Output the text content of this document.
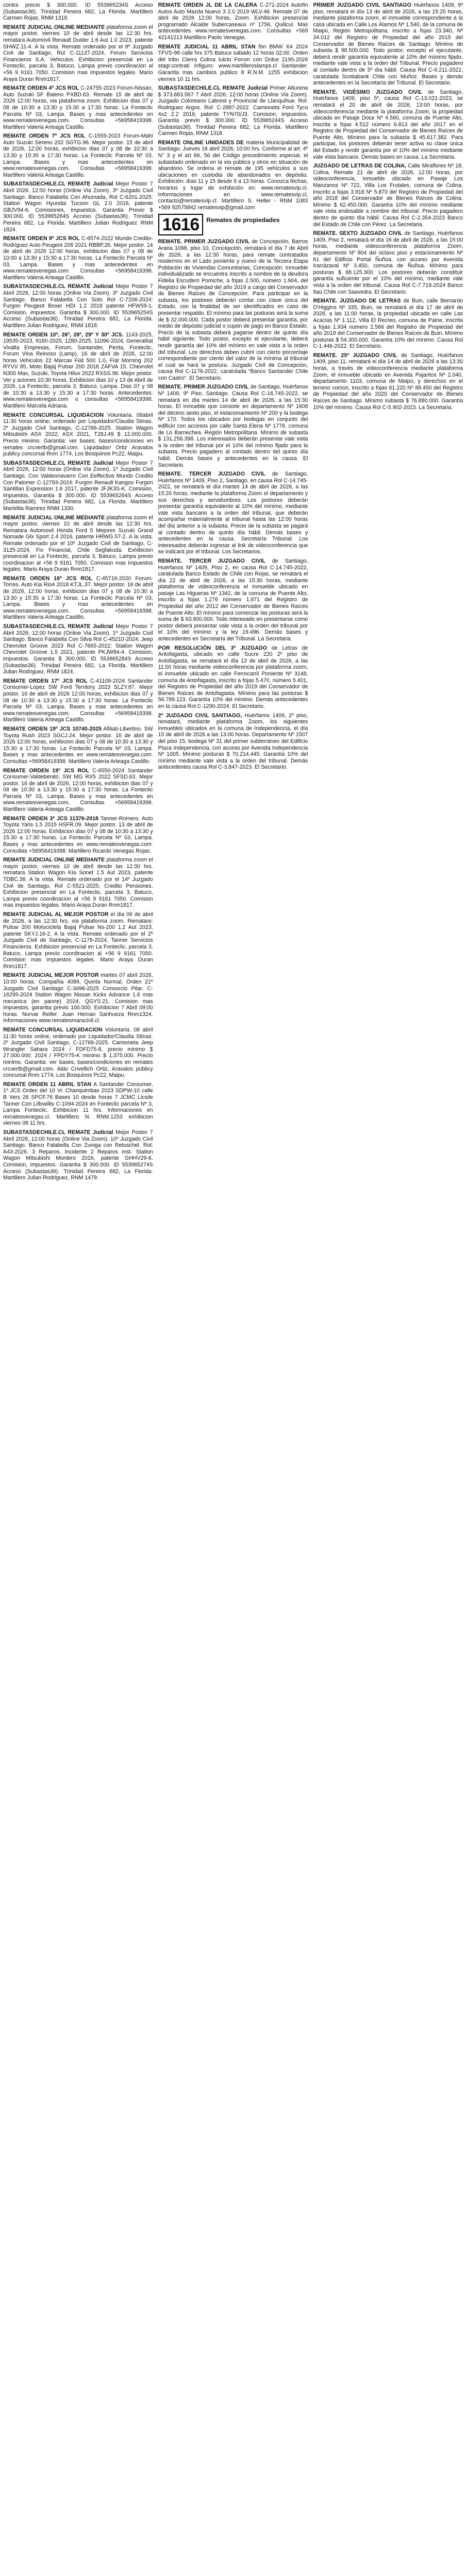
contra precio $ 300.000. ID 553965234S Acceso (Subastas36). Trinidad Pereira 682, La Florida. Martillero Carmen Rojas, RNM 1318.

REMATE JUDICIAL ONLINE MEDIANTE plataforma zoom el mayor postor, viernes 10 de abril desde las 12:30 hrs. rematara Automovil Renault Duster 1.6 Aut 1.0 2023, patente SHWZ.11-4. A la vista. Remate ordenado por el 9º Juzgado Civil de Santiago, Rol C-11137-2024, Forum Servicios Financieros S.A. Vehiculos. Exhibicion presencial en La Fonteclic, parcela 3, Batuco, Lampa previo coordinacion al +56 9 9161 7050. Comision mas impuestos legales. Mario Araya Duran Rnm1817.

REMATE ORDEN 4º JCS ROL C-24755-2023 Forum-Nissan, Auto Suzuki SF Baleno PXBD.63. Remate 15 de abril de 2026 12:00 horas, via plataforma zoom. Exhibicion dias 07 y 08 de 10:30 a 13:30 y 15:30 a 17:30 horas. La Fonteclic Parcela Nº 03, Lampa. Bases y mas antecedentes en www.rematesvenegas.com. Consultas +56958419398. Martillero Valeria Arteaga Castillo.

REMATE ORDEN 7º JCS ROL C-1559-2023 Forum-Mahi Auto Suzuki Sereno 202 SGTG.96. Mejor postor. 15 de abril de 2026, 12:00 horas, exhibicion dias 07 y 08 de 10:30 a 13:30 y 15:30 a 17:30 horas. La Fonteclic Parcela Nº 03, Lampa. Bases y mas antecedentes en www.rematesvenegas.com. Consultas +56958419398. Martillero Valeria Arteaga Castillo.

SUBASTASDECHILE.CL REMATE Judicial Mejor Postor 7 Abril 2026, 12:00 horas (Online Via Zoom). 3º Juzgado Civil Santiago. Banco Falabella Con Ahumada, Rol C-6201-2025: Station Wagon Hyundai Tucson GL 2.0 2016, patente GBJV94-6. Comisiones, impuestos. Garantia Previo $ 300.000. ID 553965264S Acceso (Subastas36). Trinidad Pereira 682, La Florida. Martillero Julian Rodriguez RNM 1824.

REMATE ORDEN 8º JCS ROL C-6574-2022 Mundo Credito-Rodriguez Auto Peugeot 208 2021 RBBP.26. Mejor postor. 14 de abril de 2026 12:00 horas, exhibicion dias 07 y 08 de 10:00 a 13:30 y 15:30 a 17:30 horas. La Fonteclic Parcela Nº 03, Lampa. Bases y mas antecedentes en www.rematesvenegas.com. Consultas +56958419398. Martillero Valeria Arteaga Castillo.

SUBASTASDECHILE.CL REMATE Judicial Mejor Postor 7 Abril 2026, 12:00 horas (Online Via Zoom). 3º Juzgado Civil Santiago. Banco Falabella Con Soto Rol C-7206-2024: Furgon Peugeot Boxer HDI 1.2 2018 patente HFW59-1. Comision, impuestos. Garantia $ 300.000. ID 553965254S Acceso (Subastas36). Trinidad Pereira 682, La Florida. Martillero Julian Rodriguez, RNM 1818.

REMATE ORDEN 10º, 26º, 28º, 29º Y 30º JCS. 1143-2025, 19535-2023, 9160-2025, 1280-2025, 11096-2024, Generalitat Vivalta Empresas, Forum, Santander, Penta, Fonteclic, Forum Vina Reinoso (Lamp), 16 de abril de 2026, 12:00 horas Vehiculos 22 Marcas Fiat 500 1.0, Fiat Morning 202 RYVV 85, Moto Bajaj Pulsar 200 2018 ZAFVA 15. Chevrolet N300 Max, Suzuki, Toyota Hilux 2022 RXSS.96. Mejor postor. Ver y aciones 10:30 horas. Exhibicion dias 10 y 13 de Abril de 2026, La Fonteclic, parcela 3, Batuco, Lampa. Dias 07 y 08 de 10:30 a 13:30 y 15:30 a 17:30 horas. Antecedentes: www.rematesvenegas.com o consultas +56958419398. Martillero Marcela Adriana.

REMATE CONCURSAL LIQUIDACION Voluntaria. 08abril 11:30 horas online, ordenado por Liquidador/Claudia Stinas. 2º Juzgado Civil Santiago, C-12766-2025. Station Wagon Mitsubishi ASX 2022; ASX 2021, T28J.49 $ 12.000.000. Precio minimo. Garantia: ver bases; bases/condiciones en remates crcvertb@gmail.com. Liquidador/ Ortiz Aravalos publicy concursal Rnm 1774, Los Bosquinos Pc22, Maipu.

SUBASTASDECHILE.CL REMATE Judicial Mejor Postor 7 Abril 2026, 12:00 horas (Online Via Zoom). 1º Juzgado Civil Santiago. Con Valdeonavarro Con Eeffectiva Mundo Credito Con Palomer C-12793-2024: Furgon Renault Kangoo Furgon Santillan Expression 1.6 2017, patente JFJK3S-K. Comision, impuestos. Garantia $ 300.000. ID 553965264S Acceso (Subastas36). Trinidad Pereira 682, La Florida. Martillero Marielita Ramirez RNM 1330.

REMATE JUDICIAL ONLINE MEDIANTE plataforma zoom el mayor postor, viernes 10 de abril desde las 12:30 hrs. Rematara Automovil Honda Ford 5 Mejores Suzuki Grand Nomade Glx Sport 2.4 2016, patente HRWG.57-2. A la vista. Remate ordenado por el 10º Juzgado Civil de Santiago, C-3125-2024, Fix Financial, Chile Segfakuda. Exhibicion presencial en La Fonteclic, parcela 3, Batuco, Lampa previo coordinacion al +56 9 9161 7050. Comision mas impuestos legales. Mario Araya Duran Rnm1817.

REMATE ORDEN 16º JCS ROL C-45716-2020 Forum-Torres. Auto Kia Rio4 2018 KTJL.37. Mejor postor. 16 de abril de 2026, 12:00 horas, exhibicion dias 07 y 08 de 10:30 a 13:30 y 15:30 a 17:30 horas. La Fonteclic Parcela Nº 03, Lampa. Bases y mas antecedentes en www.rematesvenegas.com. Consultas +56958419398. Martillero Valeria Arteaga Castillo.

SUBASTASDECHILE.CL REMATE Judicial Mejor Postor 7 Abril 2026, 12:00 horas (Online Via Zoom). 1º Juzgado Civil Santiago. Banco Falabella Con Silva Rol C-45210-2024; Jeep Chevrolet Groove 2023 Rol C-7665-2022: Station Wagon Chevrolet Groove 1.5 2021, patente PKJW84-4. Comision, impuestos. Garantia $ 300.000. ID 553965284S Acceso (Subastas36). Trinidad Pereira 682, La Florida. Martillero Julian Rodriguez, RNM 1824.

REMATE ORDEN 17º JCS ROL C-41109-2024 Santander Consumer-Lopez SW Ford Territory 2023 SLZY.87. Mejor postor. 16 de abril de 2026 12:00 horas, exhibicion dias 07 y 08 de 10:30 a 13:30 y 15:30 a 17:30 horas. La Fonteclic Parcela Nº 03, Lampa. Bases y mas antecedentes en www.rematesvenegas.com. Consultas +56958419398. Martillero Valeria Arteaga Castillo.

REMATE ORDEN 19º JCS 10740-2025 Afiliati-Libertino. SW Toyota Rush 2023 SGCJ.24. Mejor postor. 16 de abril de 2026 12:00 horas, exhibicion dias 07 y 08 de 10:30 a 13:30 y 15:30 a 17:30 horas. La Fonteclic Parcela Nº 03, Lampa. Bases y mas antecedentes en www.rematesvenegas.com. Consultas +56958419398. Martillero Valeria Arteaga Castillo.

REMATE ORDEN 19º JCS ROL C-6550-2024 Santander Consumer-Valdebenito, SW MG RX5 2022 SFSD.63. Mejor postor. 16 de abril de 2026, 12:00 horas, exhibicion dias 07 y 08 de 10:30 a 13:30 y 15:30 a 17:30 horas. La Fonteclic Parcela Nº 03, Lampa. Bases y mas antecedentes en www.rematesvenegas.com. Consultas +56958419398. Martillero Valeria Arteaga Castillo.

REMATE ORDEN 3º JCS 11376-2018 Tanner-Romero. Auto Toyota Yaris 1.5 2015 HSFR.09. Mejor postor. 13 de abril de 2026 12:00 horas. Exhibicion dias 07 y 08 de 10:30 a 13:30 y 15:30 a 17:30 horas. La Fonteclic Parcela Nº 03, Lampa. Bases y mas antecedentes en www.rematesvenegas.com. Consultas +56958419398. Martillero Ricardo Venegas Rojas.

REMATE JUDICIAL ONLINE MEDIANTE plataforma zoom el mayor postor, viernes 10 de abril desde las 12:30 hrs. rematara Station Wagon Kia Sonet 1.5 Aut 2023, patente TDBC.36. A la vista. Remate ordenado por el 14º Juzgado Civil de Santiago, Rol C-5521-2025, Credito Pensiones. Exhibicion presencial en La Fonteclic, parcela 3, Batuco, Lampa previo coordinacion al +56 9 9161 7050. Comision mas impuestos legales. Mario Araya Duran Rnm1817.

REMATE JUDICIAL AL MEJOR POSTOR el dia 09 de abril de 2026, a las 12:30 hrs, via plataforma zoom. Rematare: Pulsar 200 Motocicleta Bajaj Pulsar Ns-200 1.2 Aut 2023, patente SKYJ.16-2. A la vista. Remate ordenado por el 2º Juzgado Civil de Santiago, C-1176-2024, Tanner Servicios Financieros. Exhibicion presencial en La Fonteclic, parcela 3, Batuco, Lampa previo coordinacion al +56 9 9161 7050. Comision mas impuestos legales. Mario Araya Duran Rnm1817.

REMATE JUDICIAL MEJOR POSTOR martes 07 abril 2026, 10:00 horas. Compañia 4089, Quinta Normal, Orden 21º Juzgado Civil Santiago C-3496-2025 Consorcio Pilar. C-16295-2024 Station Wagon Nissan Kicks Advance 1.6 mas mecanica (en panne) 2024, QGYS.21. Comision mas impuestos, garantia previo 100.000. Exhibicion 7 Abril 09:00 horas. Nurvar Reifer. Juan Hernan Sanhueza Rnm1324. Informaciones www.rematesmaracivil.cl.

REMATE CONCURSAL LIQUIDACION Voluntaria. 08 abril 11:30 horas online, ordenado por Liquidador/Claudia Stinas. 2º Juzgado Civil Santiago, C-12766-2025. Camioneta Jeep Wrangler Sahara 2024 / FDFD75-8, precio minimo $ 27.000.000; 2024 / FPDY75-K minimo $ 1.375.000. Precio minimo. Garantia: ver bases; bases/condiciones en remates crcvertb@gmail.com. Aldo Crivellich Ortiz, Aravalos publicy concursal Rnm 1774, Los Bosquinos Pc22, Maipu.

REMATE ORDEN 11 ABRIL STAN A Santander Consumer, 1º JCS Orden del 10 Vr. Chanquimbas 2023 SDPW-10 calle B Vers 26 SPCF.76 Bases 10 desde horas 7 JCMC Licsile Tanner Con Lillswillis C-1094-2024 en Fonteclic parcela Nº 3, Lampa Fonteclic. Exhibicion 11 hrs. Informaciones en rematesvenegas.cl. Martillero N. RNM.1253 exhibicion viernes 08 11 hrs.

SUBASTASDECHILE.CL REMATE Judicial Mejor Postor 7 Abril 2026, 12:00 horas (Online Via Zoom). 10º Juzgado Civil Santiago. Banco Falabella Con Zuniga con Retuschel. Rol: A43-2026. 3 Reparos. Incidente 2 Reparos Inst. Station Wagon Mitsubishi Montero 2016, patente GHHV29-6. Comision, impuestos. Garantia $ 300.000. ID 553965274S Acceso (Subastas36). Trinidad Pereira 682, La Florida. Martillero Julian Rodriguez, RNM 1479.

REMATE ORDEN JL DE LA CALERA C-271-2024 Autofin Autos Auto Mazda Nuevo 3 2.0 2019 WLV.46. Remate 07 de abril de 2026 12:00 horas, Zoom. Exhibicion presencial programado Alcalde Subercaseaux nº 1756, Quilicul. Mas antecedentes www.rematesvenegas.com. Consultas +569 42141213 Martillero Paolo Venegas.

REMATE JUDICIAL 11 ABRIL STAN fón BMW X4 2024 TFVS-98 calle hrs 375 Batuco sabado 12 horas 02:00. Orden del tribu Cierra Colina Iulclo Forum con Dolce 2195-2026 stagr.contrati Infiguro: www.martilleroslamps.cl Santander. Garantia mas cambios publico 8 R.N.M. 1255 exhibicion viernes 10 11 hrs.

SUBASTASDECHILE.CL REMATE Judicial Primer Alturena $ 373.683.567 7 Abril 2026, 12:00 horas (Online Via Zoom). Juzgado Coloreano Labrest y Provincial de Llanquihue. Rol: Rodriguez Argos. Rol: C-2887-2022. Camioneta Ford Tyco 4x2 2.2 2016, patente TYN70/J3. Comision, impuestos. Garantia previo $ 300.000. ID 553965244S Acceso (Subastas36). Trinidad Pereira 682, La Florida. Martillero Carmen Rojas, RNM 1318.

REMATE ONLINE UNIDADES DE materia Municipalidad de Santiago. Jueves 16 abril 2026, 10:00 hrs. Conforme al art. 4º N° 3 y el art 66, 56 del Código procedimiento especial, el subastado ordenado en la vía pública y otros en situación de abandono. Se ordena el remate de 195 vehículos a sus ubicaciones en custodia de abandonados en depósito. Exhibición: días 11 y 15 desde 9 a 13 horas. Conozca fechas, horarios y lugar de exhibición en: www.rematesvip.cl. Informaciones en www.rematesvip.cl, contacto@rematesvip.cl. Martillero S. Heller - RNM 1083 +569 92575842 rematesvip@gmail.com

1616	Remates de propiedades

REMATE. PRIMER JUZGADO CIVIL de Concepción, Barros Arana 1098, piso 10, Concepción, rematará el día 7 de Abril de 2026, a las 12:30 horas, para remate contratados modernos en el Lado poniente y nuevo de la Tercera Etapa Población de Viviendas Comunitarias, Concepción. Inmueble individualizado se encuentra inscrito a nombre de la deudora Fidelia Escudero Pomiche, a fojas 2.500, número 1.904, del Registro de Propiedad del año 2019 a cargo del Conservador de Bienes Raíces de Concepción. Para participar en la subasta, los postores deberán contar con clave única del Estado, con la finalidad de ser identificados en caso de presentar respaldo. El mínimo para las posturas será la suma de $ 32.000.000. Cada postor deberá presentar garantía, por medio de depósito judicial o cupón de pago en Banco Estado. Precio de la subasta deberá pagarse dentro de quinto día hábil siguiente. Todo postor, excepto el ejecutante, deberá rendir garantía del 10% del mínimo en vale vista a la orden del tribunal. Los derechos deben cubrir con cierto porcentaje correspondiente por ciento del valor de la mínima al tribunal el cual se hará la postura. Juzgado Civil de Concepción, causa Rol C-1176-2022, caratulada “Banco Santander Chile con Castro”. El Secretario.

REMATE. PRIMER JUZGADO CIVIL de Santiago, Huérfanos Nº 1409, 9º Piso, Santiago. Causa Rol C-16.745-2022, se rematará en día martes 14 de abril de 2026, a las 15:30 horas. El inmueble que consiste en departamento Nº 1608 del décimo sexto piso, el estacionamiento Nº 200 y la bodega Nº 170. Todos los ubicados por bodegas en conjunto del edificio con accesos por calle Santa Elena Nº 1776, comuna de Lo Barnechea. Región Metropolitana. Mínimo de subasta $ 131.256.398. Los interesados deberán presentar vale vista a la orden del tribunal por el 10% del mínimo fijado para la subasta. Precio pagadero al contado dentro del quinto día hábil. Demás bases y antecedentes en la causa. El Secretario.

REMATE. TERCER JUZGADO CIVIL de Santiago, Huérfanos Nº 1409, Piso 2, Santiago, en causa Rol C-14.745-2022, se rematará el día martes 14 de abril de 2026, a las 15:20 horas, mediante la plataforma Zoom el departamento y sus derechos y servidumbres. Los postores deberán presentar garantía equivalente al 10% del mínimo, mediante vale vista bancario a la orden del tribunal, que deberán acompañar materialmente al tribunal hasta las 12:00 horas del día anterior a la subasta. Precio de la subasta se pagará al contado dentro de quinto día hábil. Demás bases y antecedentes en la causa. Secretaría Tribunal. Los interesados deberán ingresar al link de videoconferencia que se indicará por el tribunal. Los Secretarios.

REMATE. TERCER JUZGADO CIVIL de Santiago, Huérfanos Nº 1409, Piso 2, en causa Rol C-14.745-2022, caratulada Banco Estado de Chile con Rojas, se rematará el día 22 de abril de 2026, a las 15:30 horas, mediante plataforma de videoconferencia el inmueble ubicado en pasaje Las Higueras Nº 1342, de la comuna de Puente Alto, inscrito a fojas 1.276 número 1.871 del Registro de Propiedad del año 2012 del Conservador de Bienes Raíces de Puente Alto. El mínimo para comenzar las posturas será la suma de $ 63.800.000. Todo interesado en presentarse como postor deberá presentar vale vista a la orden del tribunal por el 10% del mínimo y la ley 19.496. Demás bases y antecedentes en Secretaría del Tribunal. La Secretaria.

POR RESOLUCIÓN DEL 3º JUZGADO de Letras de Antofagasta, ubicado en calle Sucre 220 2º piso de Antofagasta, se rematará el día 13 de abril de 2026, a las 11:00 horas mediante videoconferencia por plataforma zoom, el inmueble ubicado en calle Ferrocarril Poniente Nº 3148, comuna de Antofagasta, inscrito a fojas 5.470, número 5.401, del Registro de Propiedad del año 2019 del Conservador de Bienes Raíces de Antofagasta. Mínimo para las posturas $ 56.789.123. Garantía 10% del mínimo. Demás antecedentes en la causa Rol C-1290-2024. El Secretario.

2º JUZGADO CIVIL SANTIAGO, Huérfanos 1409, 2º piso, rematará, mediante plataforma Zoom, los siguientes inmuebles ubicados en la comuna de Independencia, el día 15 de abril de 2026 a las 13:00 horas. Departamento Nº 1507 del piso 15, bodega Nº 31 del primer subterráneo del Edificio Plaza Independencia, con acceso por Avenida Independencia Nº 1005. Mínimo posturas $ 70.214.445. Garantía 10% del mínimo mediante vale vista a la orden del tribunal. Demás antecedentes causa Rol C-3.847-2023. El Secretario.

PRIMER JUZGADO CIVIL SANTIAGO Huérfanos 1409, 9º piso, rematará el día 13 de abril de 2026, a las 15:20 horas, mediante plataforma zoom, el inmueble correspondiente a la casa ubicada en Calle Los Álamos Nº 1.540, de la comuna de Maipú, Región Metropolitana, inscrito a fojas 23.340, Nº 34.012 del Registro de Propiedad del año 2015 del Conservador de Bienes Raíces de Santiago. Mínimo de subasta $ 98.500.000. Todo postor, excepto el ejecutante, deberá rendir garantía equivalente al 10% del mínimo fijado, mediante vale vista a la orden del Tribunal. Precio pagadero al contado dentro de 5º día hábil. Causa Rol C-9.211-2022, caratulada Scotiabank Chile con Muñoz. Bases y demás antecedentes en la Secretaría del Tribunal. El Secretario.

REMATE. VIGÉSIMO JUZGADO CIVIL de Santiago, Huérfanos 1409, piso 5º, causa Rol C-13.021-2023, se rematará el 20 de abril de 2026, 13:00 horas, por videoconferencia mediante la plataforma Zoom, la propiedad ubicada en Pasaje Doce Nº 4.560, comuna de Puente Alto, inscrita a fojas 4.512 número 6.813 del año 2017 en el Registro de Propiedad del Conservador de Bienes Raíces de Puente Alto. Mínimo para la subasta $ 45.617.382. Para participar, los postores deberán tener activa su clave única del Estado y rendir garantía por el 10% del mínimo mediante vale vista bancario. Demás bases en causa. La Secretaria.

JUZGADO DE LETRAS DE COLINA, Calle Miraflores Nº 18, Colina. Remate 21 de abril de 2026, 12:00 horas, por videoconferencia, inmueble ubicado en Pasaje Los Manzanos Nº 722, Villa Los Frutales, comuna de Colina, inscrito a fojas 3.918 Nº 5.870 del Registro de Propiedad del año 2018 del Conservador de Bienes Raíces de Colina. Mínimo $ 62.450.000. Garantía 10% del mínimo mediante vale vista endosable a nombre del tribunal. Precio pagadero dentro de quinto día hábil. Causa Rol C-2.354-2023 Banco del Estado de Chile con Pérez. La Secretaria.

REMATE. SEXTO JUZGADO CIVIL de Santiago, Huérfanos 1409, Piso 2, rematará el día 16 de abril de 2026, a las 15:00 horas, mediante videoconferencia plataforma Zoom, departamento Nº 804 del octavo piso y estacionamiento Nº 61 del Edificio Portal Ñuñoa, con acceso por Avenida Irarrázaval Nº 3.450, comuna de Ñuñoa. Mínimo para posturas $ 88.125.300. Los postores deberán constituir garantía suficiente por el 10% del mínimo, mediante vale vista a la orden del tribunal. Causa Rol C-7.719-2024 Banco Itaú Chile con Saavedra. El Secretario.

REMATE. JUZGADO DE LETRAS de Buin, calle Bernardo O'Higgins Nº 335, Buin, se rematará el día 17 de abril de 2026, a las 11:00 horas, la propiedad ubicada en calle Las Acacias Nº 1.112, Villa El Recreo, comuna de Paine, inscrita a fojas 1.934 número 2.566 del Registro de Propiedad del año 2019 del Conservador de Bienes Raíces de Buin. Mínimo posturas $ 54.300.000. Garantía 10% del mínimo. Causa Rol C-1.446-2022. El Secretario.

REMATE. 25º JUZGADO CIVIL de Santiago, Huérfanos 1409, piso 11, rematará el día 14 de abril de 2026 a las 13:30 horas, a través de videoconferencia mediante plataforma Zoom, el inmueble ubicado en Avenida Pajaritos Nº 2.040, departamento 1103, comuna de Maipú, y derechos en el terreno común, inscrito a fojas 61.220 Nº 88.450 del Registro de Propiedad del año 2020 del Conservador de Bienes Raíces de Santiago. Mínimo subasta $ 76.880.000. Garantía 10% del mínimo. Causa Rol C-5.902-2023. La Secretaria.
